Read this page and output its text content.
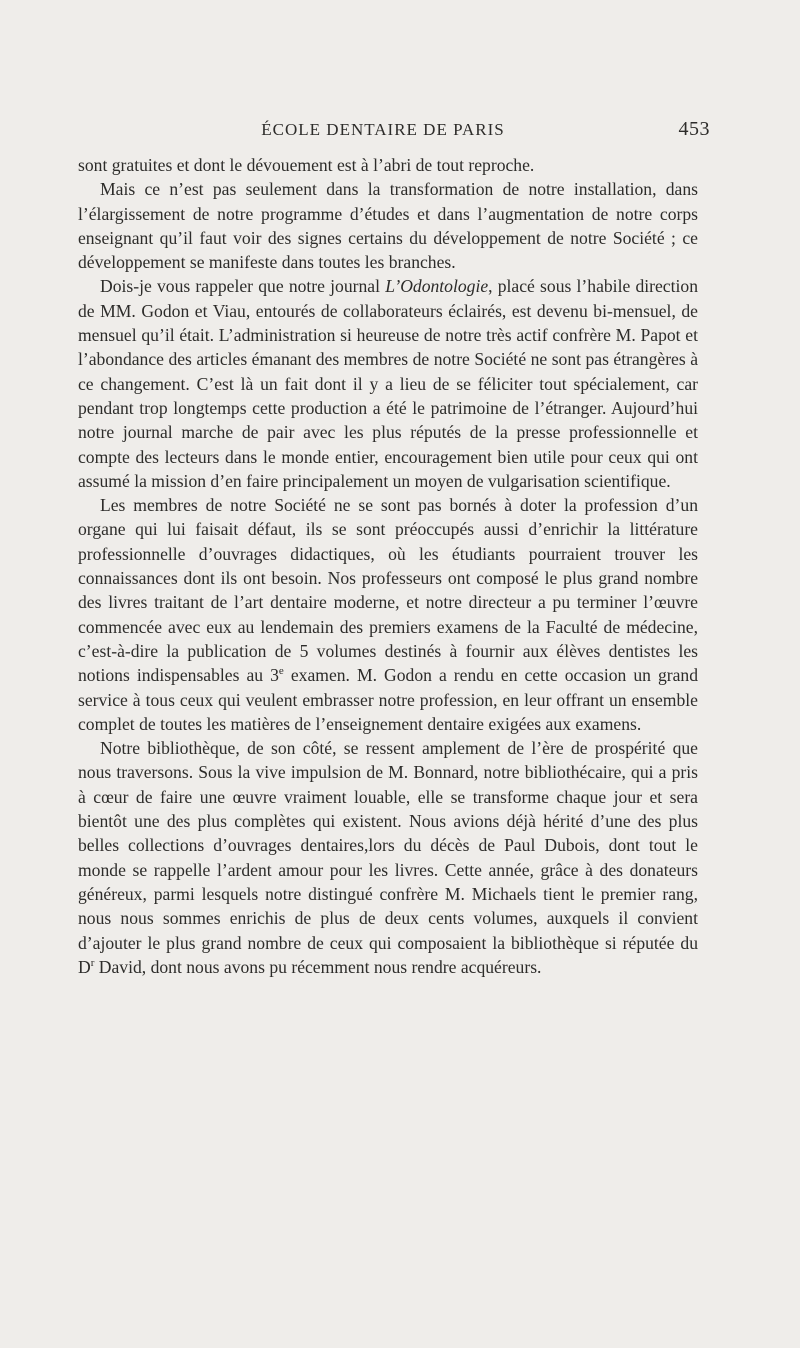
ÉCOLE DENTAIRE DE PARIS	453

sont gratuites et dont le dévouement est à l’abri de tout reproche.

Mais ce n’est pas seulement dans la transformation de notre installation, dans l’élargissement de notre programme d’études et dans l’augmentation de notre corps enseignant qu’il faut voir des signes certains du développement de notre Société ; ce développement se manifeste dans toutes les branches.

Dois-je vous rappeler que notre journal L’Odontologie, placé sous l’habile direction de MM. Godon et Viau, entourés de collaborateurs éclairés, est devenu bi-mensuel, de mensuel qu’il était. L’administration si heureuse de notre très actif confrère M. Papot et l’abondance des articles émanant des membres de notre Société ne sont pas étrangères à ce changement. C’est là un fait dont il y a lieu de se féliciter tout spécialement, car pendant trop longtemps cette production a été le patrimoine de l’étranger. Aujourd’hui notre journal marche de pair avec les plus réputés de la presse professionnelle et compte des lecteurs dans le monde entier, encouragement bien utile pour ceux qui ont assumé la mission d’en faire principalement un moyen de vulgarisation scientifique.

Les membres de notre Société ne se sont pas bornés à doter la profession d’un organe qui lui faisait défaut, ils se sont préoccupés aussi d’enrichir la littérature professionnelle d’ouvrages didactiques, où les étudiants pourraient trouver les connaissances dont ils ont besoin. Nos professeurs ont composé le plus grand nombre des livres traitant de l’art dentaire moderne, et notre directeur a pu terminer l’œuvre commencée avec eux au lendemain des premiers examens de la Faculté de médecine, c’est-à-dire la publication de 5 volumes destinés à fournir aux élèves dentistes les notions indispensables au 3e examen. M. Godon a rendu en cette occasion un grand service à tous ceux qui veulent embrasser notre profession, en leur offrant un ensemble complet de toutes les matières de l’enseignement dentaire exigées aux examens.

Notre bibliothèque, de son côté, se ressent amplement de l’ère de prospérité que nous traversons. Sous la vive impulsion de M. Bonnard, notre bibliothécaire, qui a pris à cœur de faire une œuvre vraiment louable, elle se transforme chaque jour et sera bientôt une des plus complètes qui existent. Nous avions déjà hérité d’une des plus belles collections d’ouvrages dentaires,lors du décès de Paul Dubois, dont tout le monde se rappelle l’ardent amour pour les livres. Cette année, grâce à des donateurs généreux, parmi lesquels notre distingué confrère M. Michaels tient le premier rang, nous nous sommes enrichis de plus de deux cents volumes, auxquels il convient d’ajouter le plus grand nombre de ceux qui composaient la bibliothèque si réputée du $D^r$ David, dont nous avons pu récemment nous rendre acquéreurs.
